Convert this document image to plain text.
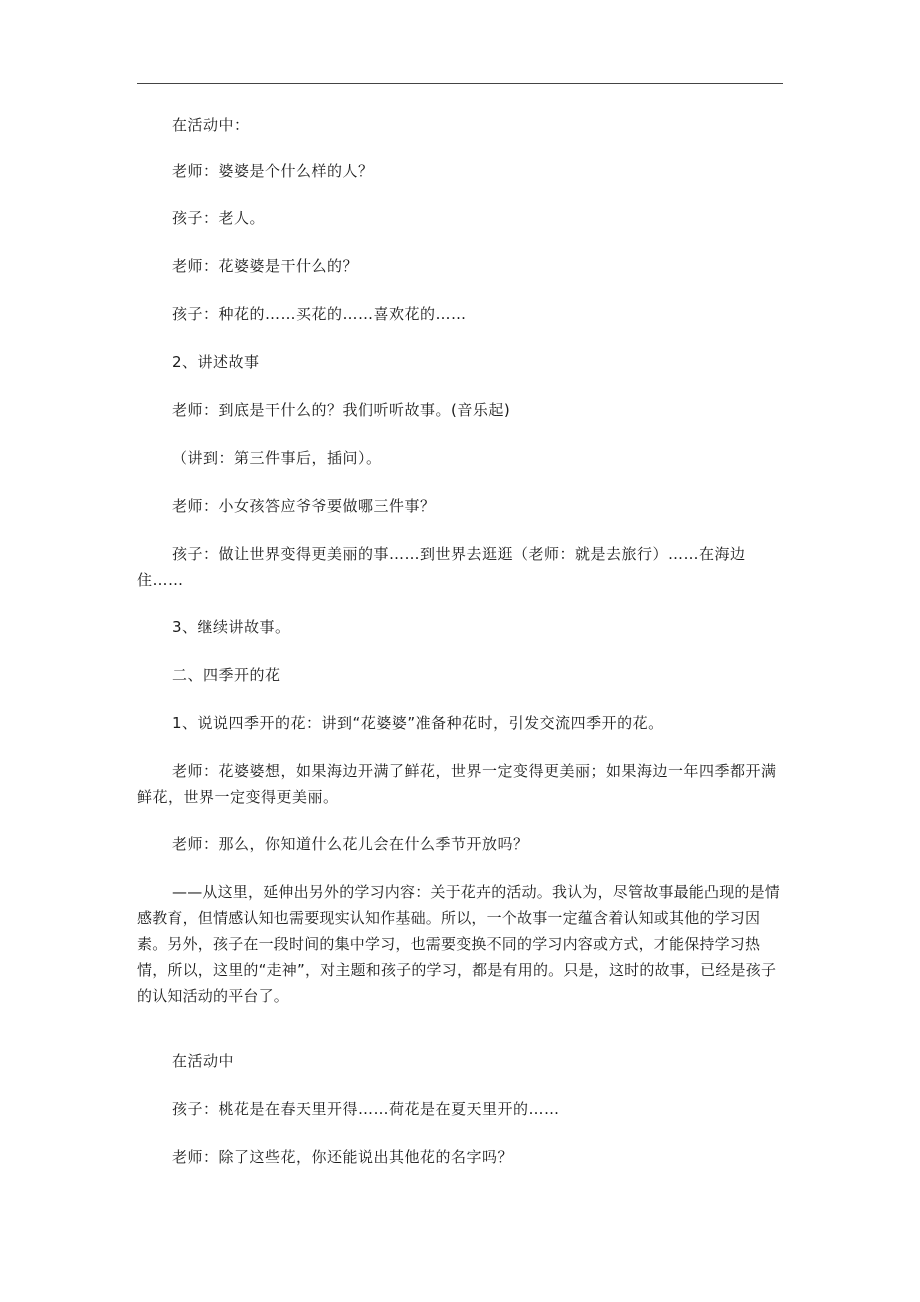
在活动中：

老师：婆婆是个什么样的人？

孩子：老人。

老师：花婆婆是干什么的？

孩子：种花的……买花的……喜欢花的……

2、讲述故事

老师：到底是干什么的？我们听听故事。(音乐起)

（讲到：第三件事后，插问）。

老师：小女孩答应爷爷要做哪三件事？

孩子：做让世界变得更美丽的事……到世界去逛逛（老师：就是去旅行）……在海边住……

3、继续讲故事。

二、四季开的花

1、说说四季开的花：讲到“花婆婆”准备种花时，引发交流四季开的花。

老师：花婆婆想，如果海边开满了鲜花，世界一定变得更美丽；如果海边一年四季都开满鲜花，世界一定变得更美丽。

老师：那么，你知道什么花儿会在什么季节开放吗？

——从这里，延伸出另外的学习内容：关于花卉的活动。我认为，尽管故事最能凸现的是情感教育，但情感认知也需要现实认知作基础。所以，一个故事一定蕴含着认知或其他的学习因素。另外，孩子在一段时间的集中学习，也需要变换不同的学习内容或方式，才能保持学习热情，所以，这里的“走神”，对主题和孩子的学习，都是有用的。只是，这时的故事，已经是孩子的认知活动的平台了。

在活动中

孩子：桃花是在春天里开得……荷花是在夏天里开的……

老师：除了这些花，你还能说出其他花的名字吗？
